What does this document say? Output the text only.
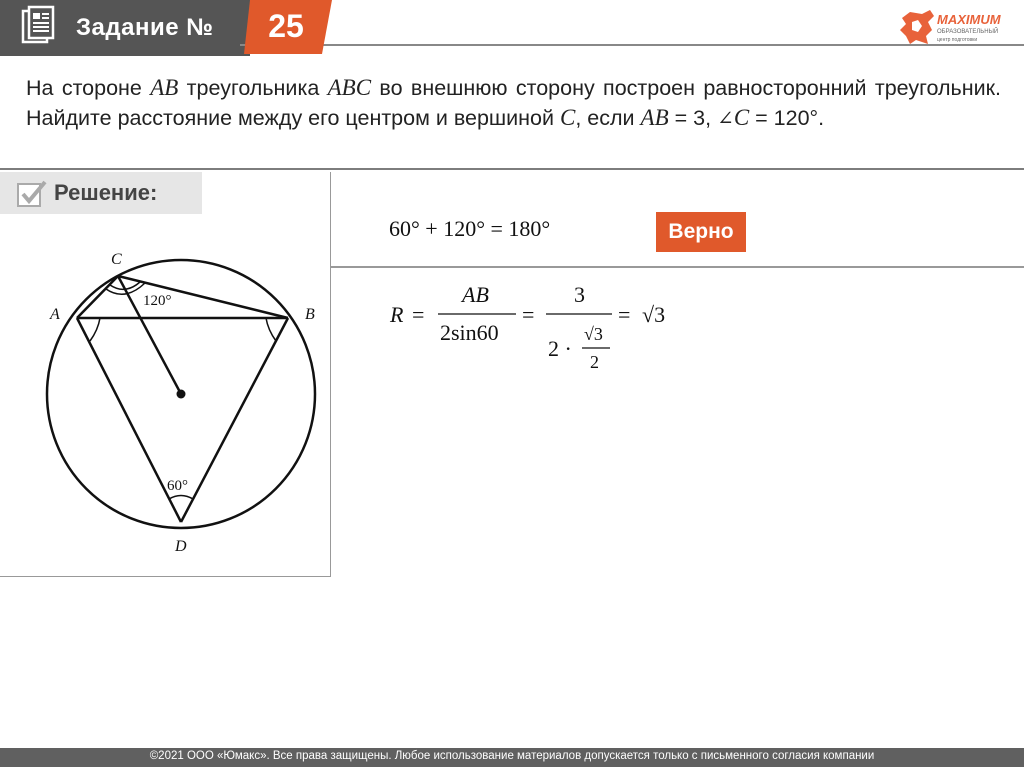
Задание №	25	MAXIMUM
ОБРАЗОВАТЕЛЬНЫЙ
центр подготовки
На стороне AB треугольника ABC во внешнюю сторону построен равносторонний треугольник. Найдите расстояние между его центром и вершиной C, если AB = 3, ∠C = 120°.
Решение:
C
A	B
D
120°
60°
60° + 120° = 180°	Верно
R =
AB
2sin60
=
3
2 ·
√3
2
= √3
©2021 ООО «Юмакс». Все права защищены. Любое использование материалов допускается только с письменного согласия компании
